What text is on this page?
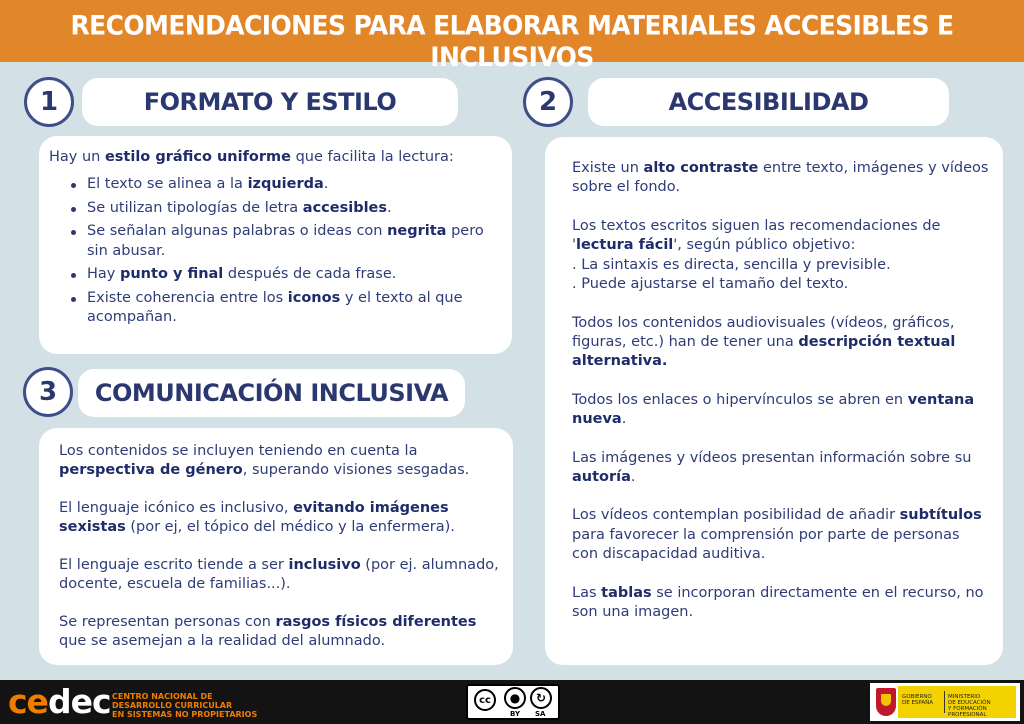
RECOMENDACIONES PARA ELABORAR MATERIALES ACCESIBLES E INCLUSIVOS
1	FORMATO Y ESTILO

Hay un estilo gráfico uniforme que facilita la lectura:

El texto se alinea a la izquierda.
Se utilizan tipologías de letra accesibles.
Se señalan algunas palabras o ideas con negrita pero sin abusar.
Hay punto y final después de cada frase.
Existe coherencia entre los iconos y el texto al que acompañan.
2	ACCESIBILIDAD

Existe un alto contraste entre texto, imágenes y vídeos sobre el fondo.

Los textos escritos siguen las recomendaciones de 'lectura fácil', según público objetivo:
. La sintaxis es directa, sencilla y previsible.
. Puede ajustarse el tamaño del texto.

Todos los contenidos audiovisuales (vídeos, gráficos, figuras, etc.) han de tener una descripción textual alternativa.

Todos los enlaces o hipervínculos se abren en ventana nueva.

Las imágenes y vídeos presentan información sobre su autoría.

Los vídeos contemplan posibilidad de añadir subtítulos para favorecer la comprensión por parte de personas con discapacidad auditiva.

Las tablas se incorporan directamente en el recurso, no son una imagen.

3	COMUNICACIÓN INCLUSIVA

Los contenidos se incluyen teniendo en cuenta la perspectiva de género, superando visiones sesgadas.

El lenguaje icónico es inclusivo, evitando imágenes sexistas (por ej, el tópico del médico y la enfermera).

El lenguaje escrito tiende a ser inclusivo (por ej. alumnado, docente, escuela de familias...).

Se representan personas con rasgos físicos diferentes que se asemejan a la realidad del alumnado.

cedec CENTRO NACIONAL DE
DESARROLLO CURRICULAR
EN SISTEMAS NO PROPIETARIOS
cc	●	↻
BY SA
GOBIERNO
DE ESPAÑA
MINISTERIO
DE EDUCACIÓN
Y FORMACIÓN PROFESIONAL
